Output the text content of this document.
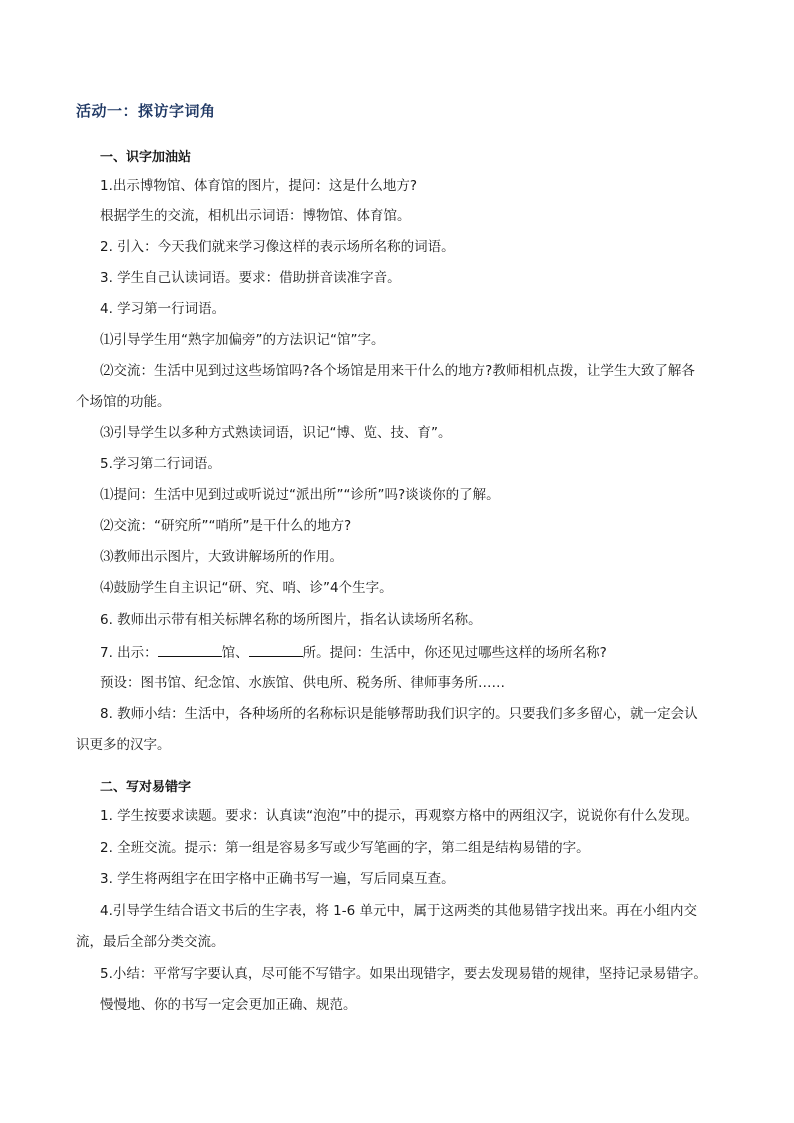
活动一：探访字词角
一、识字加油站
1.出示博物馆、体育馆的图片，提问：这是什么地方?
根据学生的交流，相机出示词语：博物馆、体育馆。
2. 引入：今天我们就来学习像这样的表示场所名称的词语。
3. 学生自己认读词语。要求：借助拼音读准字音。
4. 学习第一行词语。
⑴引导学生用“熟字加偏旁”的方法识记“馆”字。
⑵交流：生活中见到过这些场馆吗?各个场馆是用来干什么的地方?教师相机点拨，让学生大致了解各
个场馆的功能。
⑶引导学生以多种方式熟读词语，识记“博、览、技、育”。
5.学习第二行词语。
⑴提问：生活中见到过或听说过“派出所”“诊所”吗?谈谈你的了解。
⑵交流：“研究所”“哨所”是干什么的地方?
⑶教师出示图片，大致讲解场所的作用。
⑷鼓励学生自主识记“研、究、哨、诊”4个生字。
6. 教师出示带有相关标牌名称的场所图片，指名认读场所名称。
7. 出示：	馆、	所。提问：生活中，你还见过哪些这样的场所名称?
预设：图书馆、纪念馆、水族馆、供电所、税务所、律师事务所……
8. 教师小结：生活中，各种场所的名称标识是能够帮助我们识字的。只要我们多多留心，就一定会认
识更多的汉字。
二、写对易错字
1. 学生按要求读题。要求：认真读“泡泡”中的提示，再观察方格中的两组汉字，说说你有什么发现。
2. 全班交流。提示：第一组是容易多写或少写笔画的字，第二组是结构易错的字。
3. 学生将两组字在田字格中正确书写一遍，写后同桌互查。
4.引导学生结合语文书后的生字表，将 1-6 单元中，属于这两类的其他易错字找出来。再在小组内交
流，最后全部分类交流。
5.小结：平常写字要认真，尽可能不写错字。如果出现错字，要去发现易错的规律，坚持记录易错字。
慢慢地、你的书写一定会更加正确、规范。
